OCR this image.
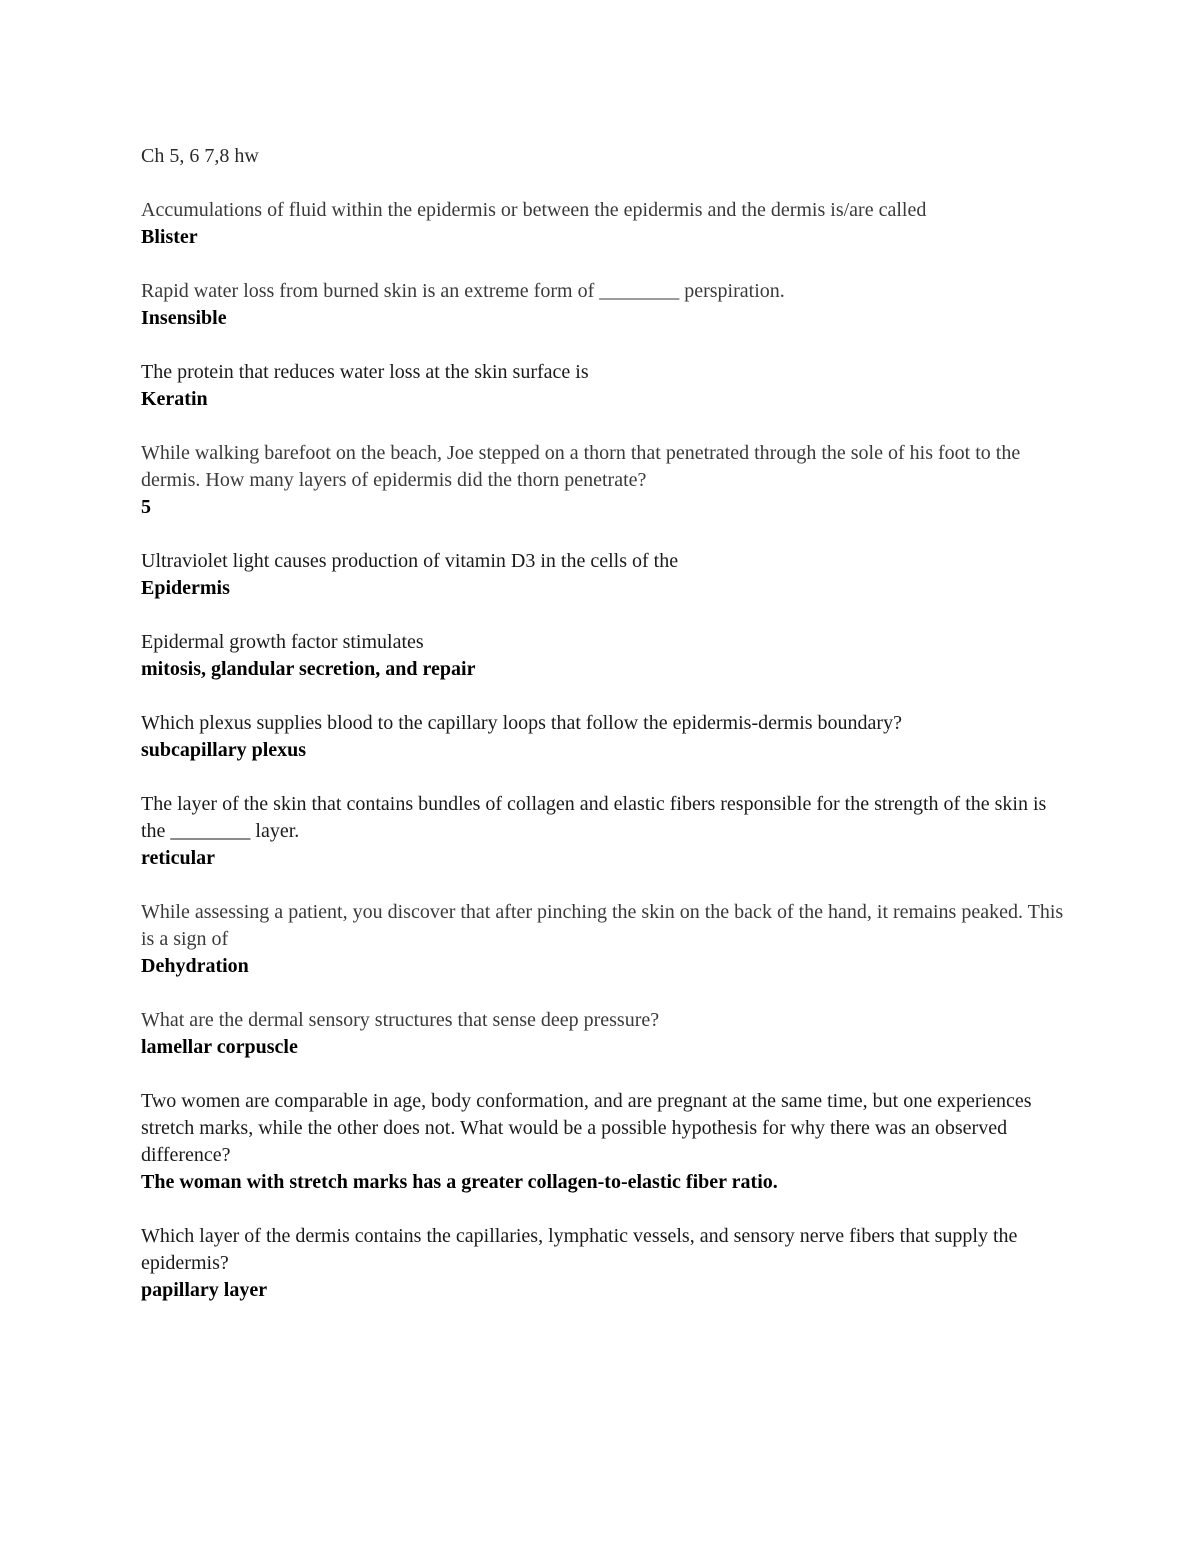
Ch 5, 6 7,8 hw

Accumulations of fluid within the epidermis or between the epidermis and the dermis is/are called

Blister

Rapid water loss from burned skin is an extreme form of ________ perspiration.

Insensible

The protein that reduces water loss at the skin surface is

Keratin

While walking barefoot on the beach, Joe stepped on a thorn that penetrated through the sole of his foot to the dermis. How many layers of epidermis did the thorn penetrate?

5

Ultraviolet light causes production of vitamin D3 in the cells of the

Epidermis

Epidermal growth factor stimulates

mitosis, glandular secretion, and repair

Which plexus supplies blood to the capillary loops that follow the epidermis-dermis boundary?

subcapillary plexus

The layer of the skin that contains bundles of collagen and elastic fibers responsible for the strength of the skin is the ________ layer.

reticular

While assessing a patient, you discover that after pinching the skin on the back of the hand, it remains peaked. This is a sign of

Dehydration

What are the dermal sensory structures that sense deep pressure?

lamellar corpuscle

Two women are comparable in age, body conformation, and are pregnant at the same time, but one experiences stretch marks, while the other does not. What would be a possible hypothesis for why there was an observed difference?

The woman with stretch marks has a greater collagen-to-elastic fiber ratio.

Which layer of the dermis contains the capillaries, lymphatic vessels, and sensory nerve fibers that supply the epidermis?

papillary layer
